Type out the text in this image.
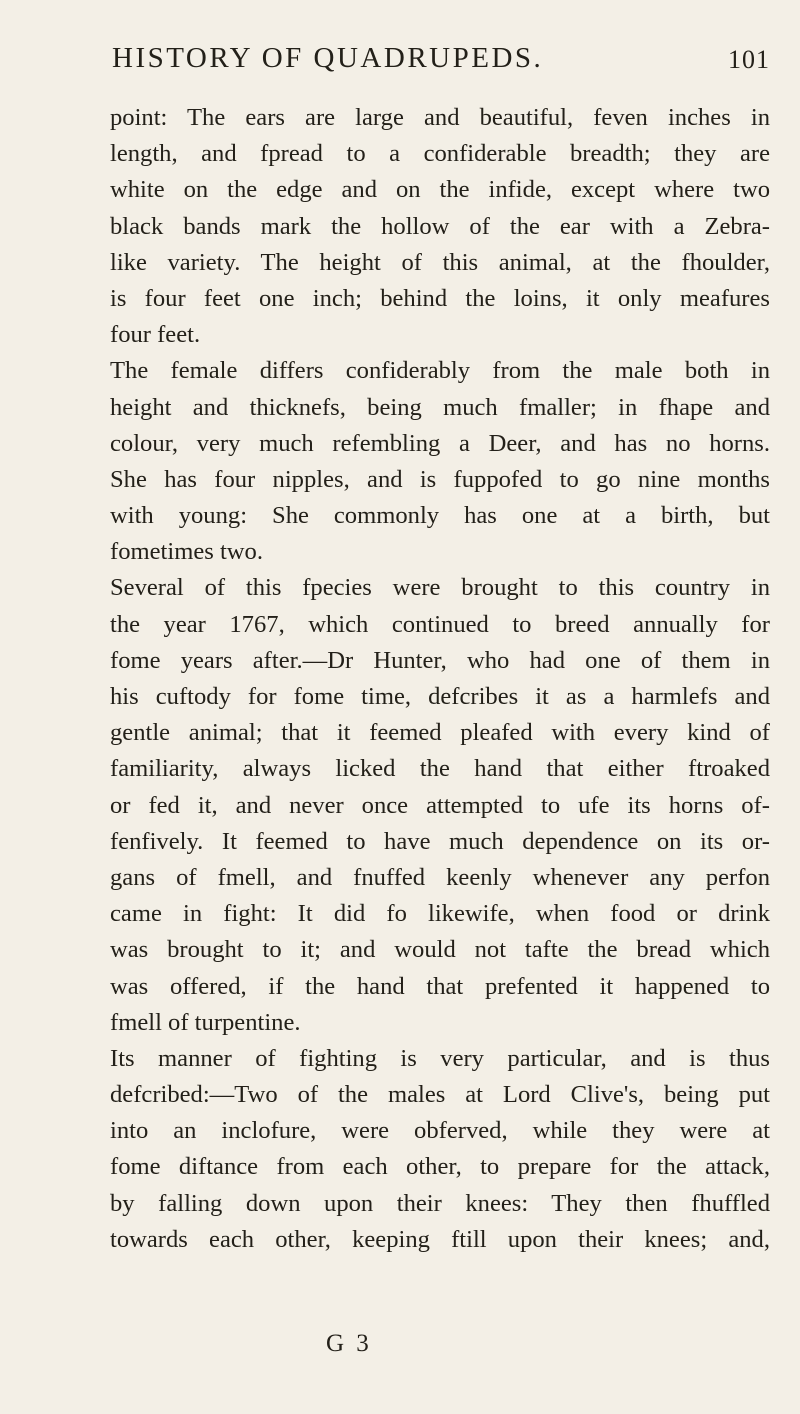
HISTORY OF QUADRUPEDS.	101
point: The ears are large and beautiful, feven inches in
length, and fpread to a confiderable breadth; they are
white on the edge and on the infide, except where two
black bands mark the hollow of the ear with a Zebra-
like variety. The height of this animal, at the fhoulder,
is four feet one inch; behind the loins, it only meafures
four feet.
The female differs confiderably from the male both in
height and thicknefs, being much fmaller; in fhape and
colour, very much refembling a Deer, and has no horns.
She has four nipples, and is fuppofed to go nine months
with young: She commonly has one at a birth, but
fometimes two.
Several of this fpecies were brought to this country in
the year 1767, which continued to breed annually for
fome years after.—Dr Hunter, who had one of them in
his cuftody for fome time, defcribes it as a harmlefs and
gentle animal; that it feemed pleafed with every kind of
familiarity, always licked the hand that either ftroaked
or fed it, and never once attempted to ufe its horns of-
fenfively. It feemed to have much dependence on its or-
gans of fmell, and fnuffed keenly whenever any perfon
came in fight: It did fo likewife, when food or drink
was brought to it; and would not tafte the bread which
was offered, if the hand that prefented it happened to
fmell of turpentine.
Its manner of fighting is very particular, and is thus
defcribed:—Two of the males at Lord Clive's, being put
into an inclofure, were obferved, while they were at
fome diftance from each other, to prepare for the attack,
by falling down upon their knees: They then fhuffled
towards each other, keeping ftill upon their knees; and,
G 3
